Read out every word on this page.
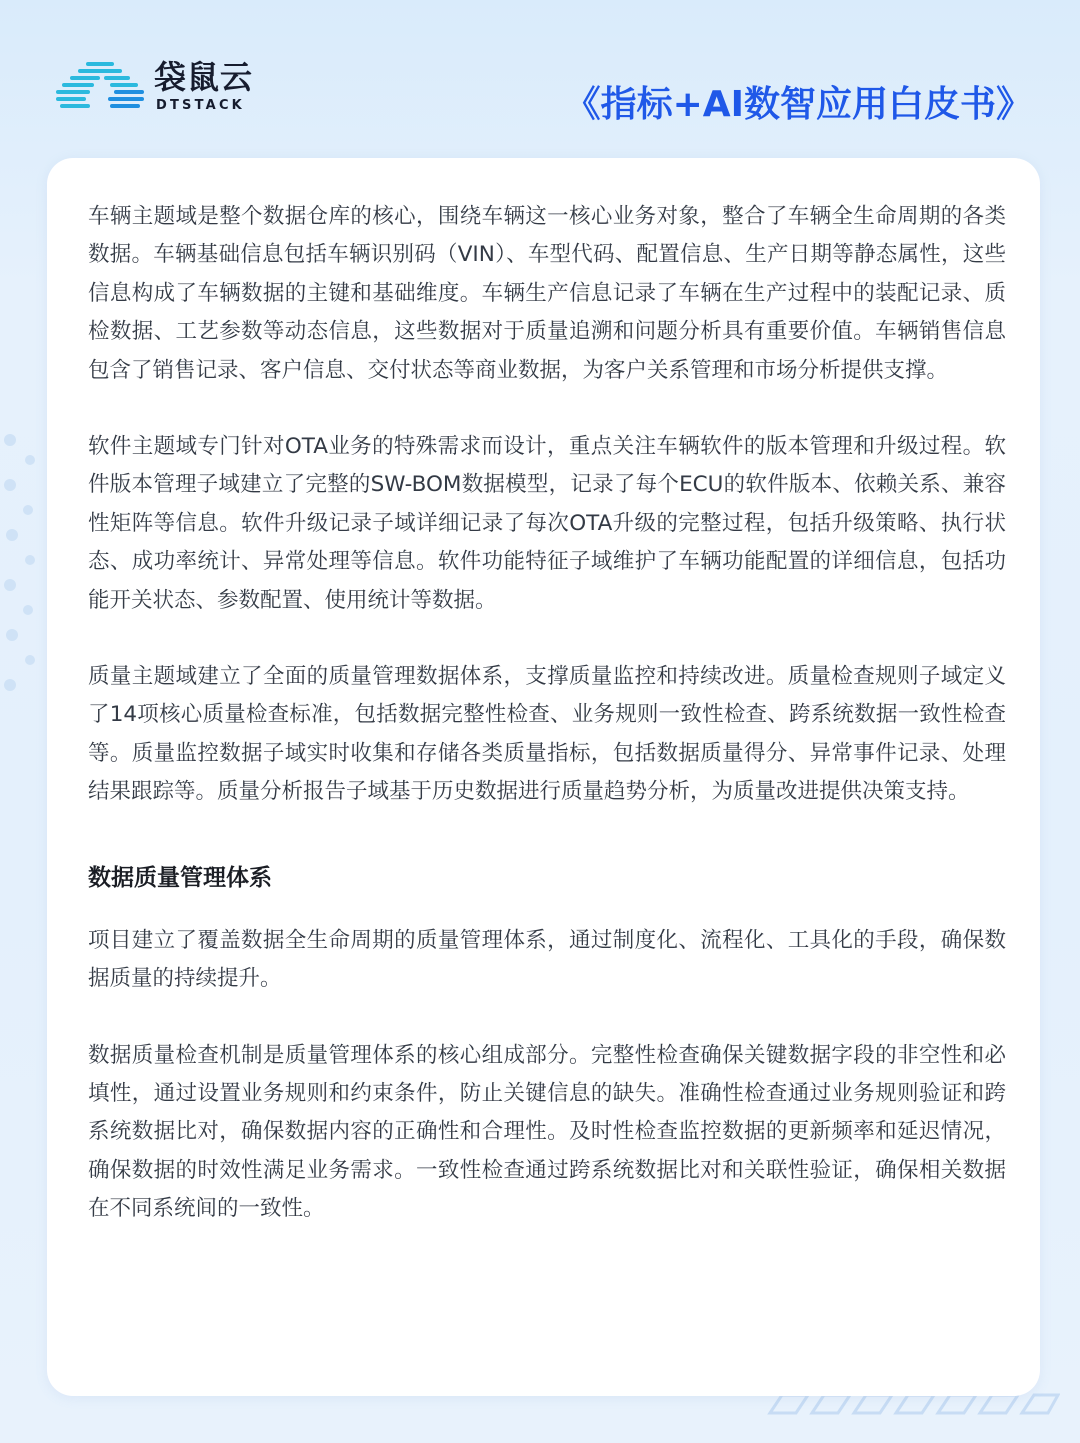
袋鼠云
DTSTACK	《指标+AI数智应用白皮书》

车辆主题域是整个数据仓库的核心，围绕车辆这一核心业务对象，整合了车辆全生命周期的各类数据。车辆基础信息包括车辆识别码（VIN）、车型代码、配置信息、生产日期等静态属性，这些信息构成了车辆数据的主键和基础维度。车辆生产信息记录了车辆在生产过程中的装配记录、质检数据、工艺参数等动态信息，这些数据对于质量追溯和问题分析具有重要价值。车辆销售信息包含了销售记录、客户信息、交付状态等商业数据，为客户关系管理和市场分析提供支撑。

软件主题域专门针对OTA业务的特殊需求而设计，重点关注车辆软件的版本管理和升级过程。软件版本管理子域建立了完整的SW-BOM数据模型，记录了每个ECU的软件版本、依赖关系、兼容性矩阵等信息。软件升级记录子域详细记录了每次OTA升级的完整过程，包括升级策略、执行状态、成功率统计、异常处理等信息。软件功能特征子域维护了车辆功能配置的详细信息，包括功能开关状态、参数配置、使用统计等数据。

质量主题域建立了全面的质量管理数据体系，支撑质量监控和持续改进。质量检查规则子域定义了14项核心质量检查标准，包括数据完整性检查、业务规则一致性检查、跨系统数据一致性检查等。质量监控数据子域实时收集和存储各类质量指标，包括数据质量得分、异常事件记录、处理结果跟踪等。质量分析报告子域基于历史数据进行质量趋势分析，为质量改进提供决策支持。

数据质量管理体系

项目建立了覆盖数据全生命周期的质量管理体系，通过制度化、流程化、工具化的手段，确保数据质量的持续提升。

数据质量检查机制是质量管理体系的核心组成部分。完整性检查确保关键数据字段的非空性和必填性，通过设置业务规则和约束条件，防止关键信息的缺失。准确性检查通过业务规则验证和跨系统数据比对，确保数据内容的正确性和合理性。及时性检查监控数据的更新频率和延迟情况，确保数据的时效性满足业务需求。一致性检查通过跨系统数据比对和关联性验证，确保相关数据在不同系统间的一致性。
